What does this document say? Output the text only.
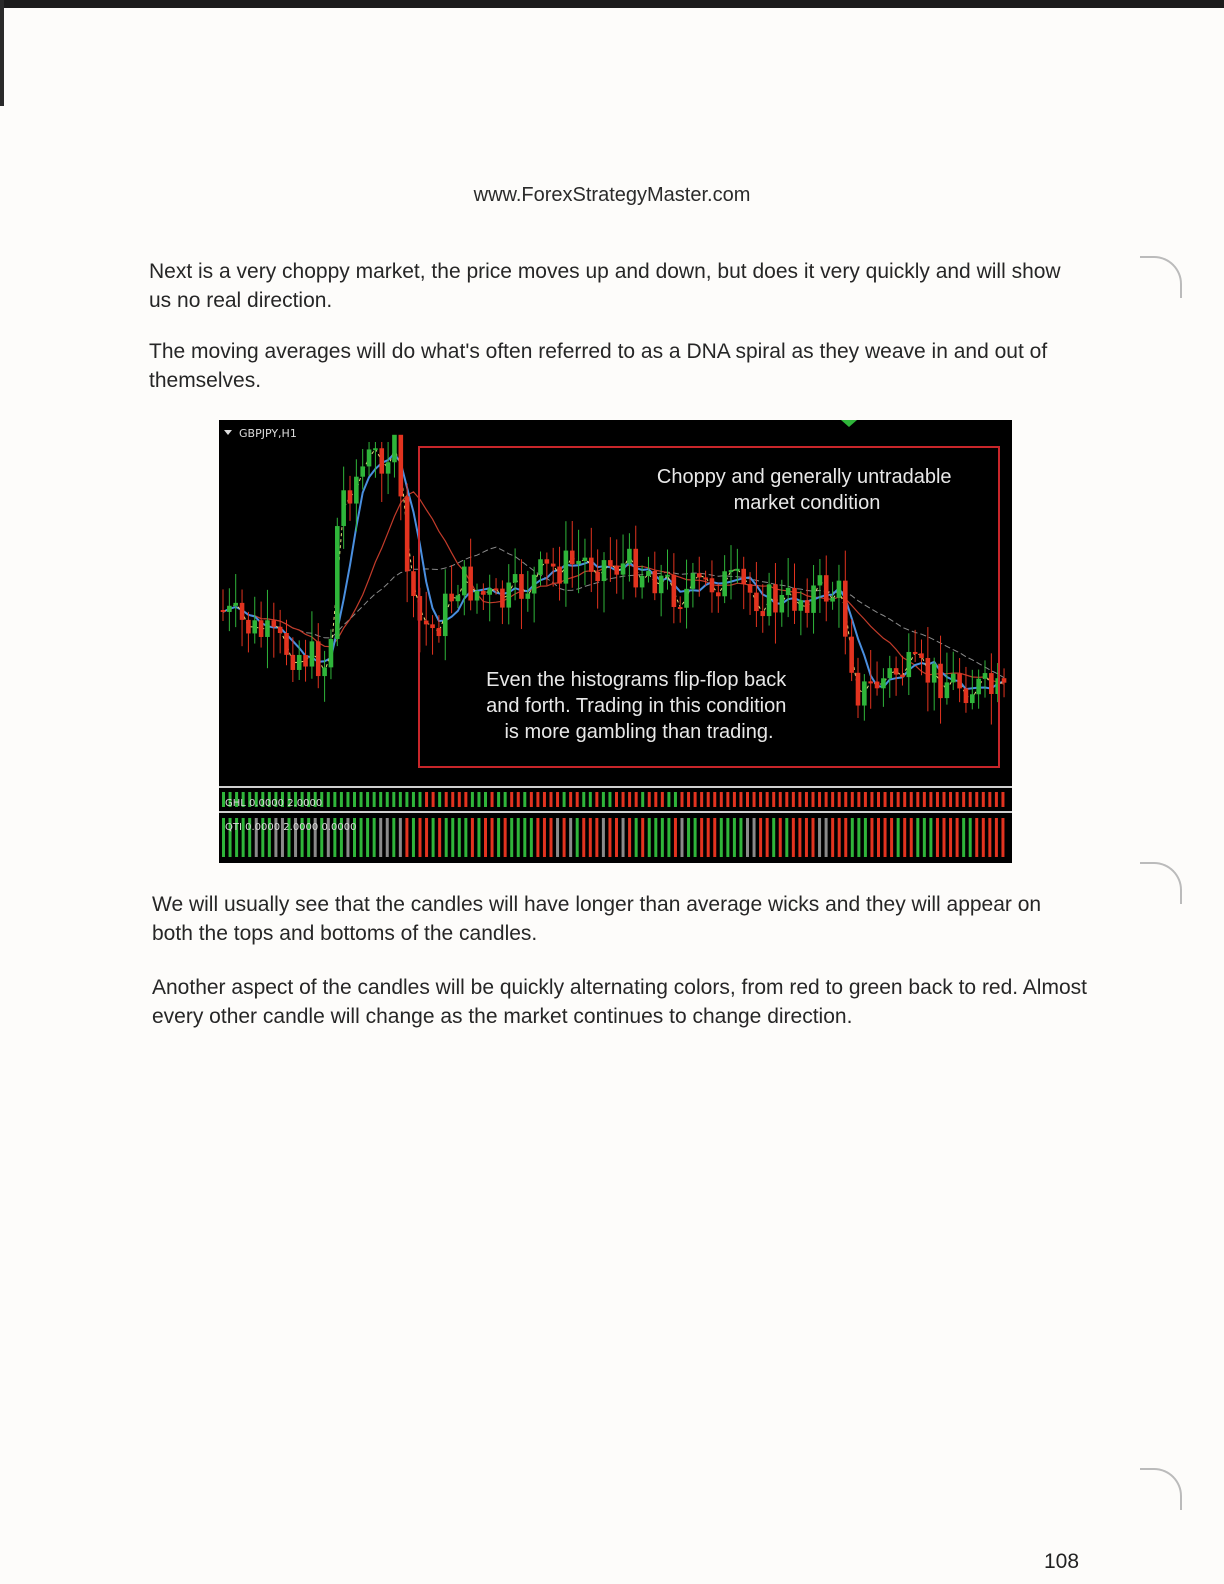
www.ForexStrategyMaster.com

Next is a very choppy market, the price moves up and down, but does it very quickly and will show us no real direction.

The moving averages will do what's often referred to as a DNA spiral as they weave in and out of themselves.

GBPJPY,H1
Choppy and generally untradable market condition
Even the histograms flip-flop back and forth. Trading in this condition is more gambling than trading.
GHL 0.0000 2.0000
QTI 0.0000 2.0000 0.0000

We will usually see that the candles will have longer than average wicks and they will appear on both the tops and bottoms of the candles.

Another aspect of the candles will be quickly alternating colors, from red to green back to red. Almost every other candle will change as the market continues to change direction.

108
